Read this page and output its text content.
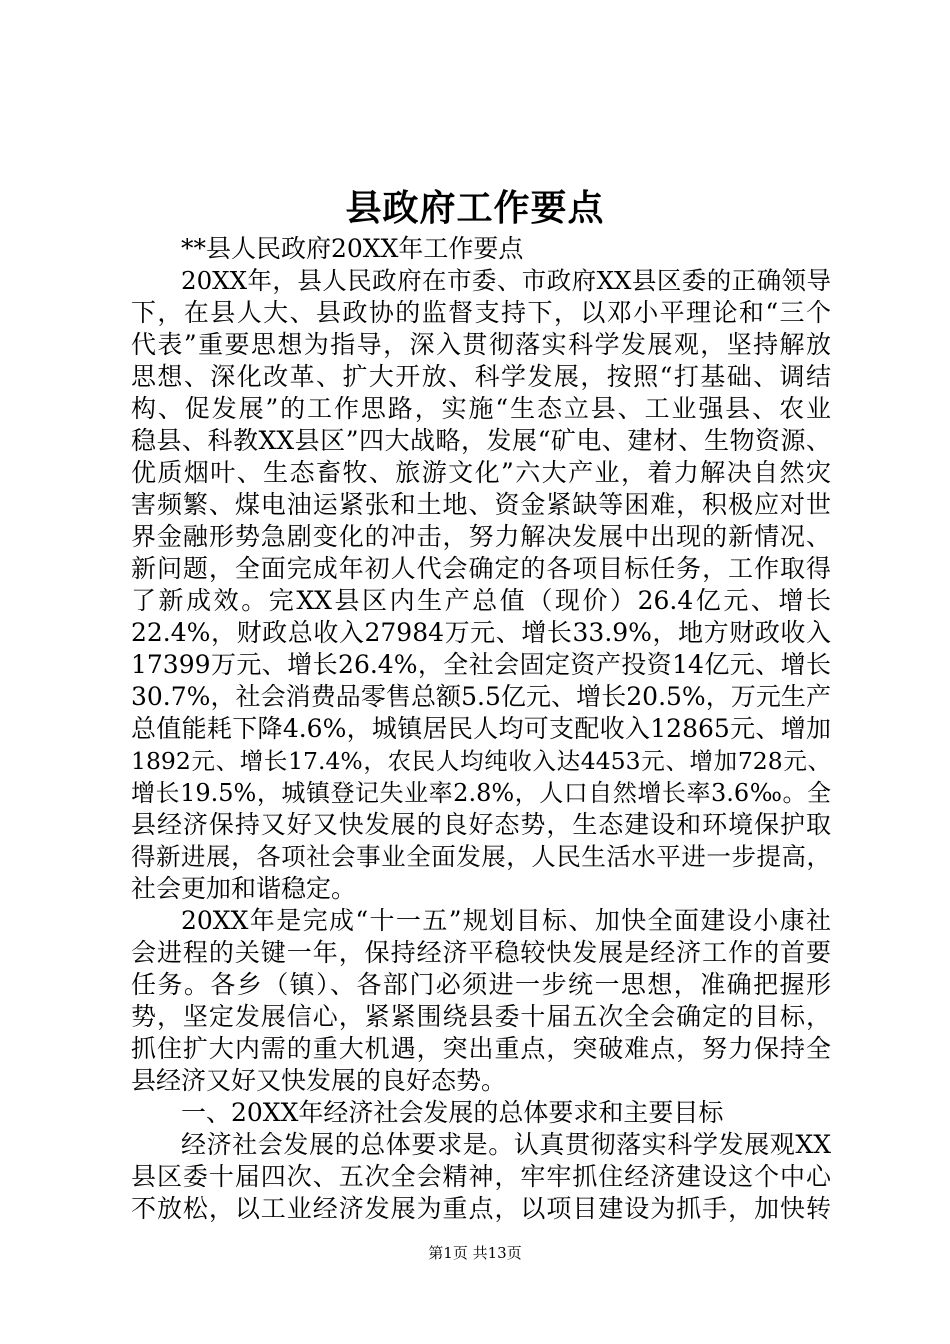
县政府工作要点
**县人民政府20XX年工作要点
20XX年，县人民政府在市委、市政府XX县区委的正确领导
下，在县人大、县政协的监督支持下，以邓小平理论和“三个
代表”重要思想为指导，深入贯彻落实科学发展观，坚持解放
思想、深化改革、扩大开放、科学发展，按照“打基础、调结
构、促发展”的工作思路，实施“生态立县、工业强县、农业
稳县、科教XX县区”四大战略，发展“矿电、建材、生物资源、
优质烟叶、生态畜牧、旅游文化”六大产业，着力解决自然灾
害频繁、煤电油运紧张和土地、资金紧缺等困难，积极应对世
界金融形势急剧变化的冲击，努力解决发展中出现的新情况、
新问题，全面完成年初人代会确定的各项目标任务，工作取得
了新成效。完XX县区内生产总值（现价）26.4亿元、增长
22.4%，财政总收入27984万元、增长33.9%，地方财政收入
17399万元、增长26.4%，全社会固定资产投资14亿元、增长
30.7%，社会消费品零售总额5.5亿元、增长20.5%，万元生产
总值能耗下降4.6%，城镇居民人均可支配收入12865元、增加
1892元、增长17.4%，农民人均纯收入达4453元、增加728元、
增长19.5%，城镇登记失业率2.8%，人口自然增长率3.6‰。全
县经济保持又好又快发展的良好态势，生态建设和环境保护取
得新进展，各项社会事业全面发展，人民生活水平进一步提高，
社会更加和谐稳定。
20XX年是完成“十一五”规划目标、加快全面建设小康社
会进程的关键一年，保持经济平稳较快发展是经济工作的首要
任务。各乡（镇）、各部门必须进一步统一思想，准确把握形
势，坚定发展信心，紧紧围绕县委十届五次全会确定的目标，
抓住扩大内需的重大机遇，突出重点，突破难点，努力保持全
县经济又好又快发展的良好态势。
一、20XX年经济社会发展的总体要求和主要目标
经济社会发展的总体要求是。认真贯彻落实科学发展观XX
县区委十届四次、五次全会精神，牢牢抓住经济建设这个中心
不放松，以工业经济发展为重点，以项目建设为抓手，加快转
第1页 共13页
